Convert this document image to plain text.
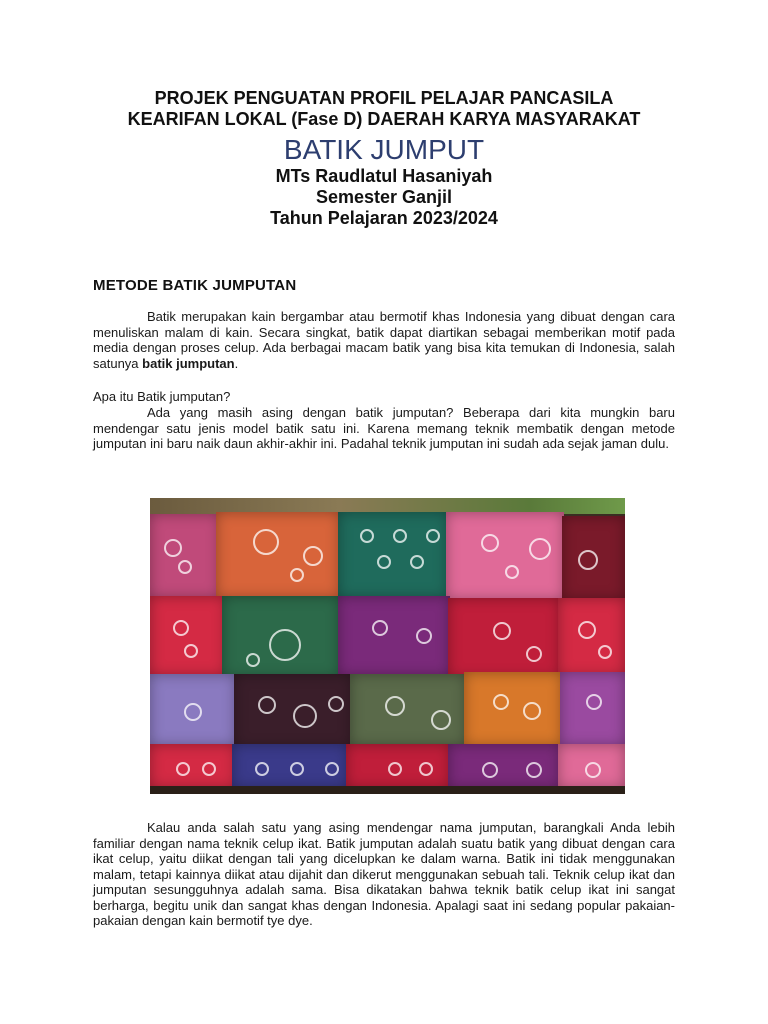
PROJEK PENGUATAN PROFIL PELAJAR PANCASILA

KEARIFAN LOKAL (Fase D) DAERAH KARYA MASYARAKAT

BATIK JUMPUT

MTs Raudlatul Hasaniyah

Semester Ganjil

Tahun Pelajaran 2023/2024

METODE BATIK JUMPUTAN
Batik merupakan kain bergambar atau bermotif khas Indonesia yang dibuat dengan cara menuliskan malam di kain. Secara singkat, batik dapat diartikan sebagai memberikan motif pada media dengan proses celup. Ada berbagai macam batik yang bisa kita temukan di Indonesia, salah satunya batik jumputan.
Apa itu Batik jumputan?
Ada yang masih asing dengan batik jumputan? Beberapa dari kita mungkin baru mendengar satu jenis model batik satu ini. Karena memang teknik membatik dengan metode jumputan ini baru naik daun akhir-akhir ini. Padahal teknik jumputan ini sudah ada sejak jaman dulu.
Kalau anda salah satu yang asing mendengar nama jumputan, barangkali Anda lebih familiar dengan nama teknik celup ikat. Batik jumputan adalah suatu batik yang dibuat dengan cara ikat celup, yaitu diikat dengan tali yang dicelupkan ke dalam warna. Batik ini tidak menggunakan malam, tetapi kainnya diikat atau dijahit dan dikerut menggunakan sebuah tali. Teknik celup ikat dan jumputan sesungguhnya adalah sama. Bisa dikatakan bahwa teknik batik celup ikat ini sangat berharga, begitu unik dan sangat khas dengan Indonesia. Apalagi saat ini sedang popular pakaian-pakaian dengan kain bermotif tye dye.
